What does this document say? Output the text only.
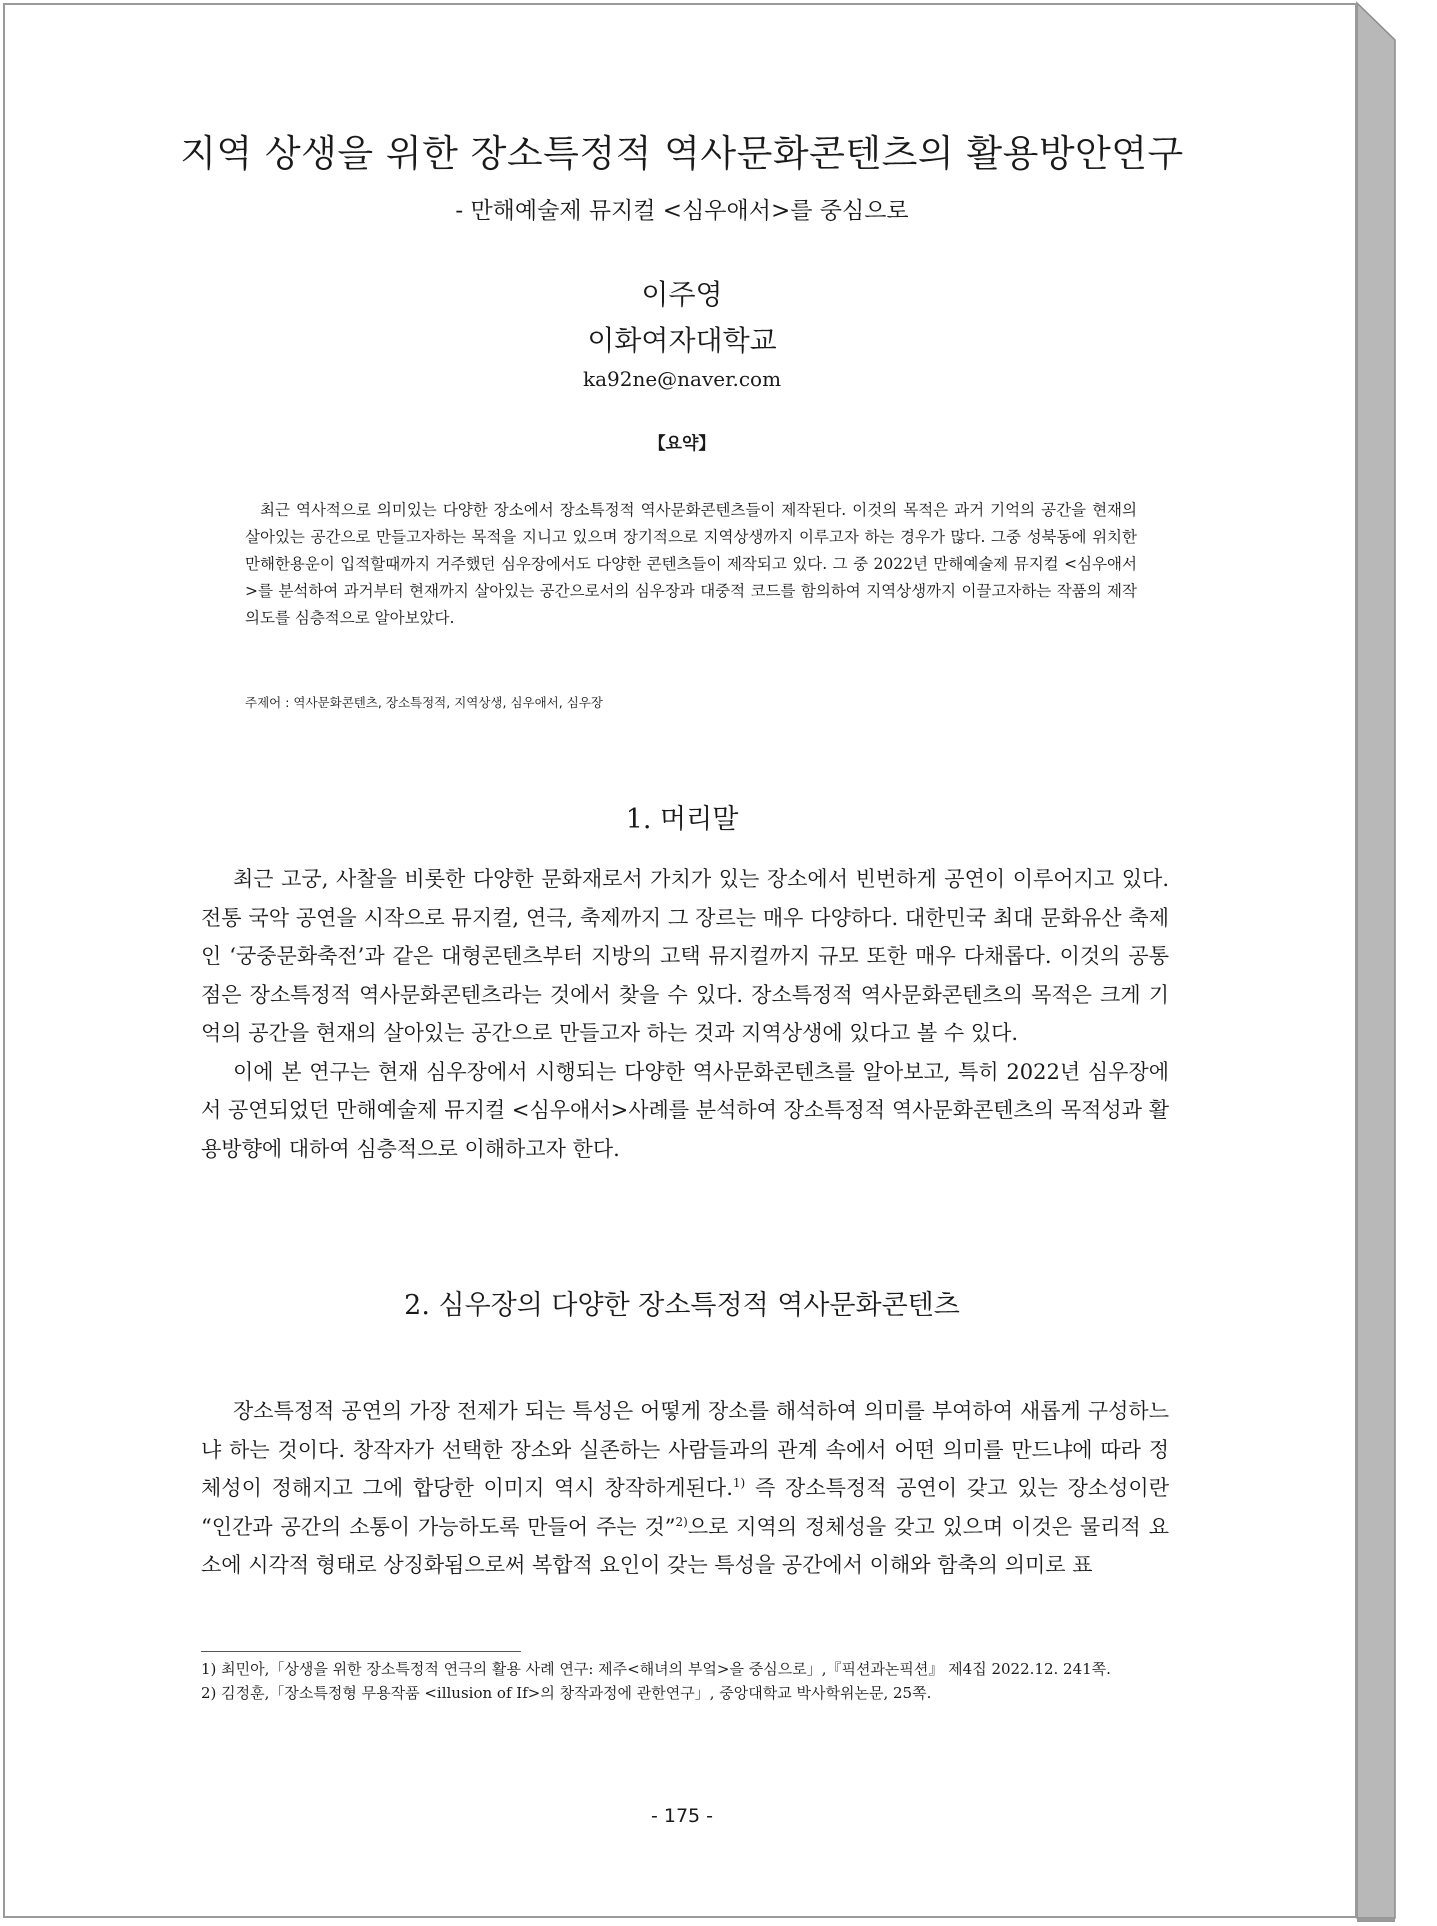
지역 상생을 위한 장소특정적 역사문화콘텐츠의 활용방안연구
- 만해예술제 뮤지컬 <심우애서>를 중심으로
이주영
이화여자대학교
ka92ne@naver.com
【요약】

최근 역사적으로 의미있는 다양한 장소에서 장소특정적 역사문화콘텐츠들이 제작된다. 이것의 목적은 과거 기억의 공간을 현재의 살아있는 공간으로 만들고자하는 목적을 지니고 있으며 장기적으로 지역상생까지 이루고자 하는 경우가 많다. 그중 성북동에 위치한 만해한용운이 입적할때까지 거주했던 심우장에서도 다양한 콘텐츠들이 제작되고 있다. 그 중 2022년 만해예술제 뮤지컬 <심우애서>를 분석하여 과거부터 현재까지 살아있는 공간으로서의 심우장과 대중적 코드를 함의하여 지역상생까지 이끌고자하는 작품의 제작의도를 심층적으로 알아보았다.

주제어 : 역사문화콘텐츠, 장소특정적, 지역상생, 심우애서, 심우장
1. 머리말

최근 고궁, 사찰을 비롯한 다양한 문화재로서 가치가 있는 장소에서 빈번하게 공연이 이루어지고 있다. 전통 국악 공연을 시작으로 뮤지컬, 연극, 축제까지 그 장르는 매우 다양하다. 대한민국 최대 문화유산 축제인 ‘궁중문화축전’과 같은 대형콘텐츠부터 지방의 고택 뮤지컬까지 규모 또한 매우 다채롭다. 이것의 공통점은 장소특정적 역사문화콘텐츠라는 것에서 찾을 수 있다. 장소특정적 역사문화콘텐츠의 목적은 크게 기억의 공간을 현재의 살아있는 공간으로 만들고자 하는 것과 지역상생에 있다고 볼 수 있다.

이에 본 연구는 현재 심우장에서 시행되는 다양한 역사문화콘텐츠를 알아보고, 특히 2022년 심우장에서 공연되었던 만해예술제 뮤지컬 <심우애서>사례를 분석하여 장소특정적 역사문화콘텐츠의 목적성과 활용방향에 대하여 심층적으로 이해하고자 한다.

2. 심우장의 다양한 장소특정적 역사문화콘텐츠

장소특정적 공연의 가장 전제가 되는 특성은 어떻게 장소를 해석하여 의미를 부여하여 새롭게 구성하느냐 하는 것이다. 창작자가 선택한 장소와 실존하는 사람들과의 관계 속에서 어떤 의미를 만드냐에 따라 정체성이 정해지고 그에 합당한 이미지 역시 창작하게된다.$^{1)}$ 즉 장소특정적 공연이 갖고 있는 장소성이란 “인간과 공간의 소통이 가능하도록 만들어 주는 것”$^{2)}$으로 지역의 정체성을 갖고 있으며 이것은 물리적 요소에 시각적 형태로 상징화됨으로써 복합적 요인이 갖는 특성을 공간에서 이해와 함축의 의미로 표

1) 최민아,「상생을 위한 장소특정적 연극의 활용 사례 연구: 제주<해녀의 부엌>을 중심으로」,『픽션과논픽션』 제4집 2022.12. 241쪽.

2) 김정훈,「장소특정형 무용작품 <illusion of If>의 창작과정에 관한연구」, 중앙대학교 박사학위논문, 25쪽.

- 175 -
